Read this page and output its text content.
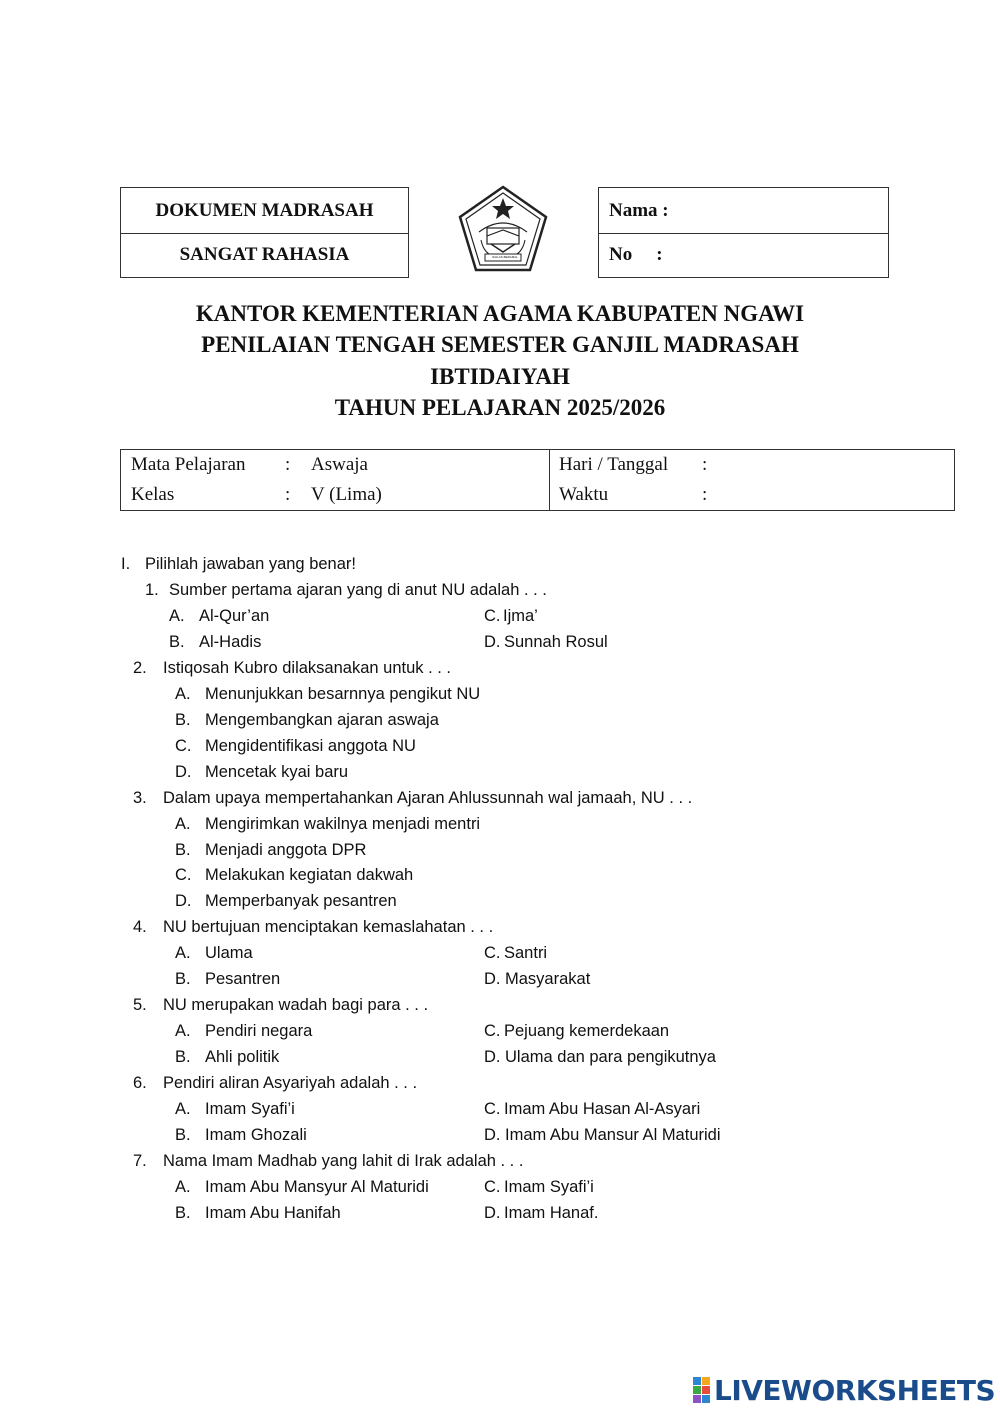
DOKUMEN MADRASAH
SANGAT RAHASIA	IKHLAS BERAMAL
Nama :
No :
KANTOR KEMENTERIAN AGAMA KABUPATEN NGAWI
PENILAIAN TENGAH SEMESTER GANJIL MADRASAH
IBTIDAIYAH
TAHUN PELAJARAN 2025/2026
Mata Pelajaran : Aswaja
Kelas	: V (Lima)
Hari / Tanggal :
Waktu	:
I. Pilihlah jawaban yang benar!
1. Sumber pertama ajaran yang di anut NU adalah . . .
A. Al-Qur’an
B. Al-Hadis
C. Ijma’
D. Sunnah Rosul
2. Istiqosah Kubro dilaksanakan untuk . . .
A. Menunjukkan besarnnya pengikut NU
B. Mengembangkan ajaran aswaja
C. Mengidentifikasi anggota NU
D. Mencetak kyai baru
3. Dalam upaya mempertahankan Ajaran Ahlussunnah wal jamaah, NU . . .
A. Mengirimkan wakilnya menjadi mentri
B. Menjadi anggota DPR
C. Melakukan kegiatan dakwah
D. Memperbanyak pesantren
4. NU bertujuan menciptakan kemaslahatan . . .
A. Ulama
B. Pesantren
C. Santri
D. Masyarakat
5. NU merupakan wadah bagi para . . .
A. Pendiri negara
B. Ahli politik
C. Pejuang kemerdekaan
D. Ulama dan para pengikutnya
6. Pendiri aliran Asyariyah adalah . . .
A. Imam Syafi’i
B. Imam Ghozali
C. Imam Abu Hasan Al-Asyari
D. Imam Abu Mansur Al Maturidi
7. Nama Imam Madhab yang lahit di Irak adalah . . .
A. Imam Abu Mansyur Al Maturidi
B. Imam Abu Hanifah
C. Imam Syafi’i
D. Imam Hanaf.
LIVEWORKSHEETS
